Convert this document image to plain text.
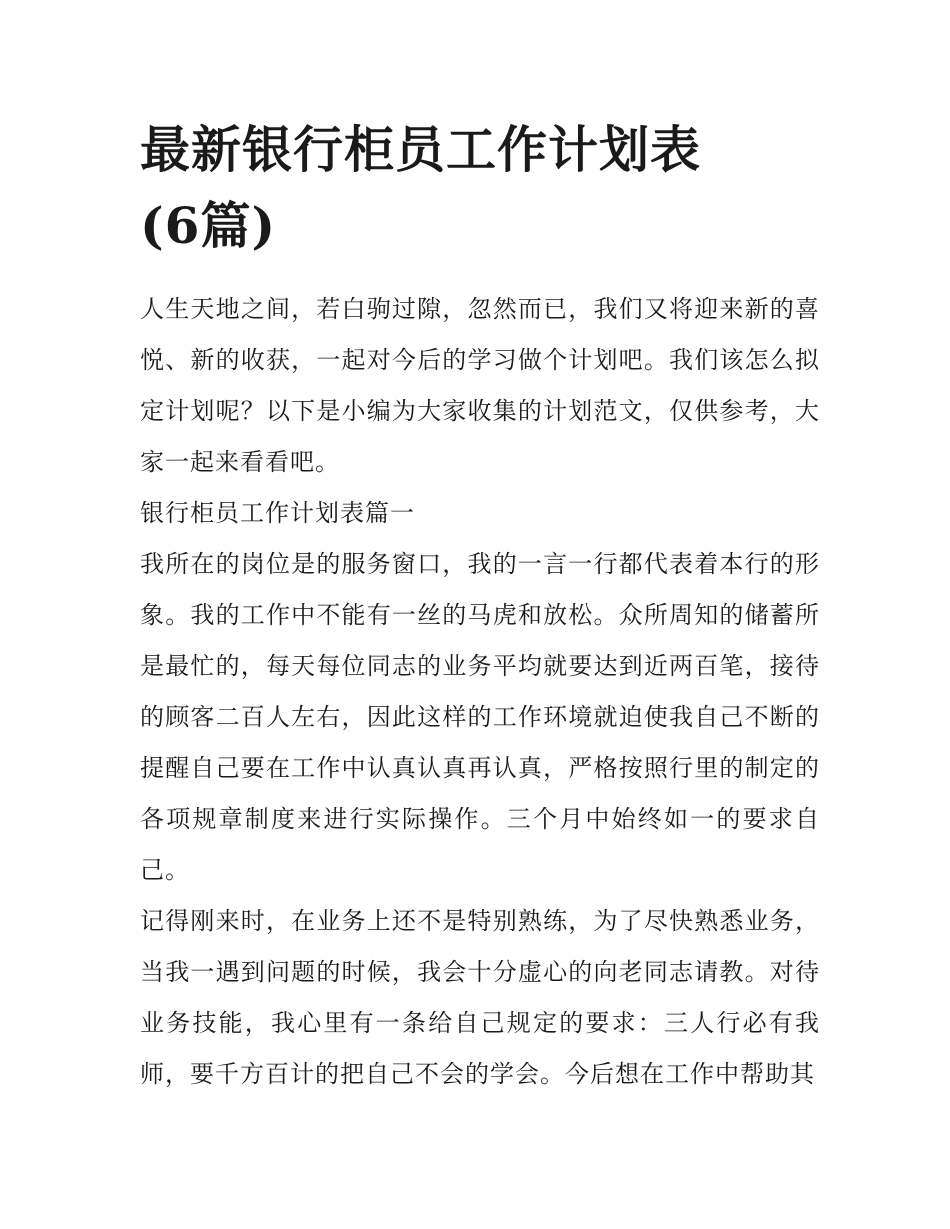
最新银行柜员工作计划表(6篇)

人生天地之间，若白驹过隙，忽然而已，我们又将迎来新的喜悦、新的收获，一起对今后的学习做个计划吧。我们该怎么拟定计划呢？以下是小编为大家收集的计划范文，仅供参考，大家一起来看看吧。

银行柜员工作计划表篇一

我所在的岗位是的服务窗口，我的一言一行都代表着本行的形象。我的工作中不能有一丝的马虎和放松。众所周知的储蓄所是最忙的，每天每位同志的业务平均就要达到近两百笔，接待的顾客二百人左右，因此这样的工作环境就迫使我自己不断的提醒自己要在工作中认真认真再认真，严格按照行里的制定的各项规章制度来进行实际操作。三个月中始终如一的要求自己。

记得刚来时，在业务上还不是特别熟练，为了尽快熟悉业务，当我一遇到问题的时候，我会十分虚心的向老同志请教。对待业务技能，我心里有一条给自己规定的要求：三人行必有我师，要千方百计的把自己不会的学会。今后想在工作中帮助其
